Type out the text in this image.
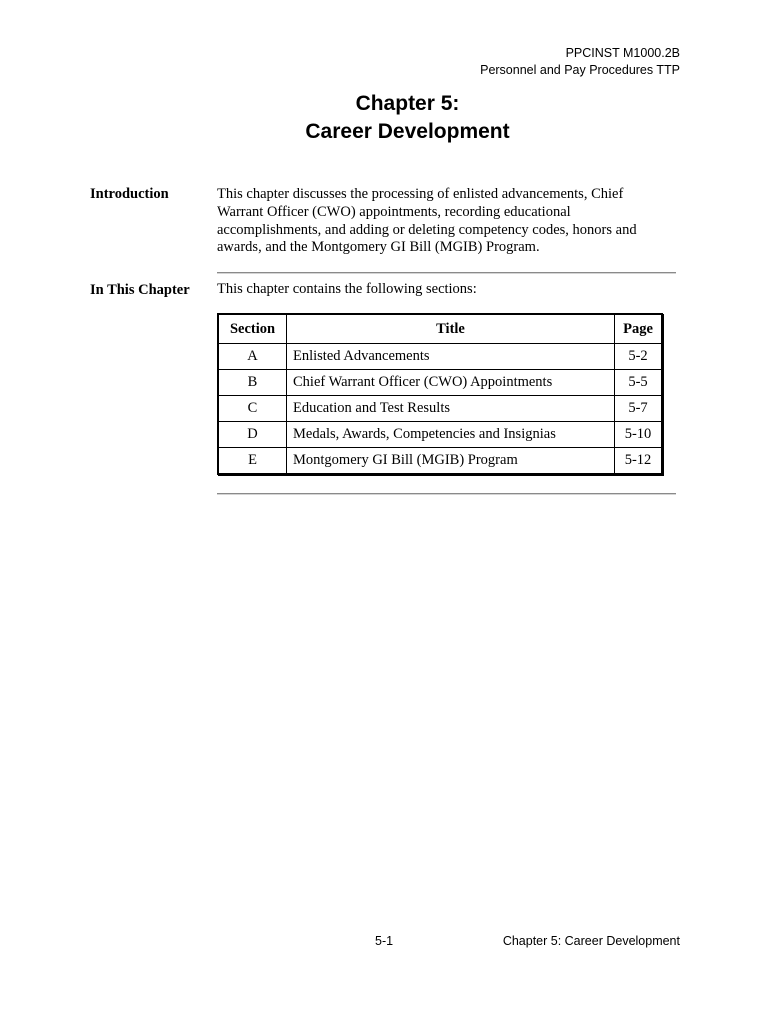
PPCINST M1000.2B
Personnel and Pay Procedures TTP
Chapter 5:
Career Development
Introduction	This chapter discusses the processing of enlisted advancements, Chief Warrant Officer (CWO) appointments, recording educational accomplishments, and adding or deleting competency codes, honors and awards, and the Montgomery GI Bill (MGIB) Program.
In This Chapter This chapter contains the following sections:
Section	Title	Page
A	Enlisted Advancements	5-2
B	Chief Warrant Officer (CWO) Appointments	5-5
C	Education and Test Results	5-7
D	Medals, Awards, Competencies and Insignias	5-10
E	Montgomery GI Bill (MGIB) Program	5-12
5-1	Chapter 5: Career Development
